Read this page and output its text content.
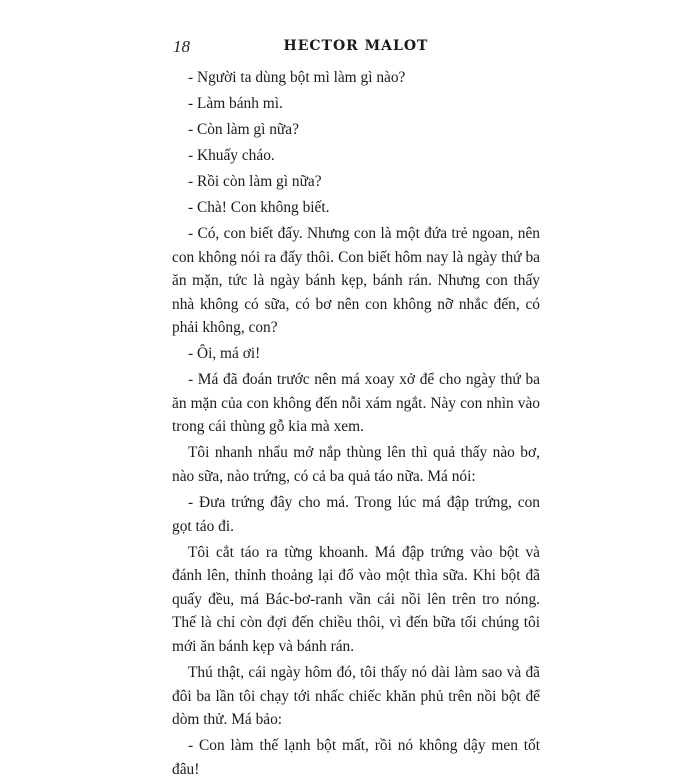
18	HECTOR MALOT

- Người ta dùng bột mì làm gì nào?

- Làm bánh mì.

- Còn làm gì nữa?

- Khuấy cháo.

- Rồi còn làm gì nữa?

- Chà! Con không biết.

- Có, con biết đấy. Nhưng con là một đứa trẻ ngoan, nên con không nói ra đấy thôi. Con biết hôm nay là ngày thứ ba ăn mặn, tức là ngày bánh kẹp, bánh rán. Nhưng con thấy nhà không có sữa, có bơ nên con không nỡ nhắc đến, có phải không, con?

- Ôi, má ơi!

- Má đã đoán trước nên má xoay xở để cho ngày thứ ba ăn mặn của con không đến nỗi xám ngắt. Này con nhìn vào trong cái thùng gỗ kia mà xem.

Tôi nhanh nhẩu mở nắp thùng lên thì quả thấy nào bơ, nào sữa, nào trứng, có cả ba quả táo nữa. Má nói:

- Đưa trứng đây cho má. Trong lúc má đập trứng, con gọt táo đi.

Tôi cắt táo ra từng khoanh. Má đập trứng vào bột và đánh lên, thỉnh thoảng lại đổ vào một thìa sữa. Khi bột đã quấy đều, má Bác-bơ-ranh vần cái nồi lên trên tro nóng. Thế là chỉ còn đợi đến chiều thôi, vì đến bữa tối chúng tôi mới ăn bánh kẹp và bánh rán.

Thú thật, cái ngày hôm đó, tôi thấy nó dài làm sao và đã đôi ba lần tôi chạy tới nhấc chiếc khăn phủ trên nồi bột để dòm thử. Má bảo:

- Con làm thế lạnh bột mất, rồi nó không dậy men tốt đâu!
